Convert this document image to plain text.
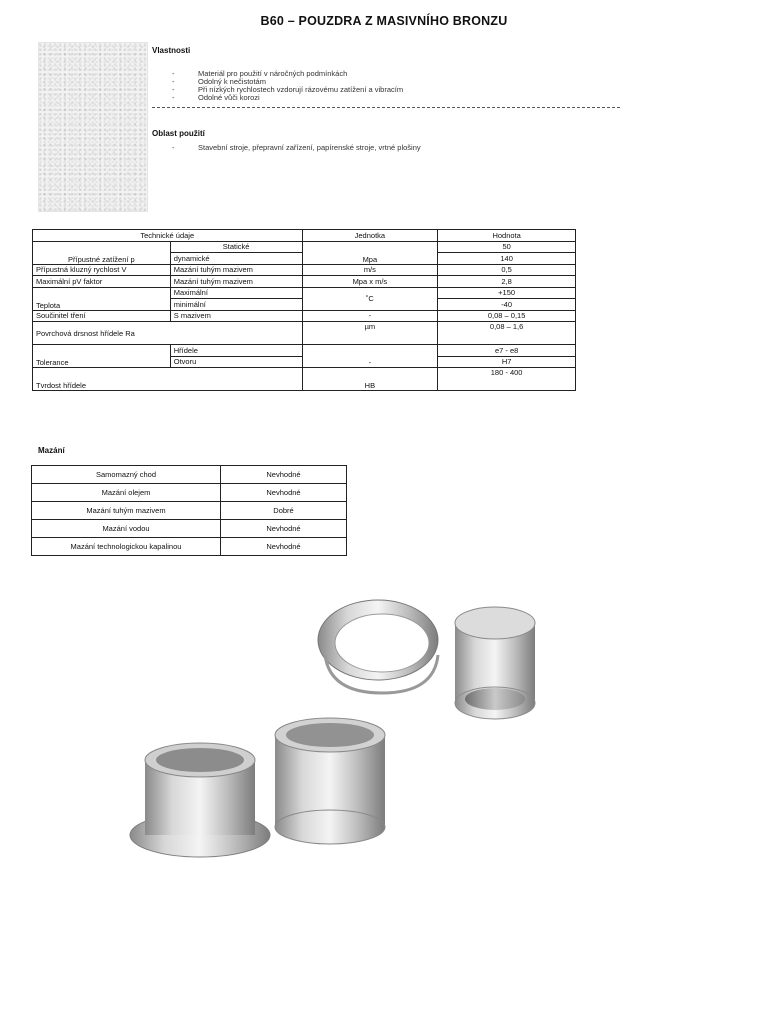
B60 – POUZDRA Z MASIVNÍHO BRONZU
Vlastnosti
- Materiál pro použití v náročných podmínkách
- Odolný k nečistotám
- Při nízkých rychlostech vzdorují rázovému zatížení a vibracím
- Odolné vůči korozi
Oblast použití
- Stavební stroje, přepravní zařízení, papírenské stroje, vrtné plošiny
Technické údaje		Jednotka	Hodnota
Přípustné zatížení p	Statické	Mpa	50
	dynamické		140
Přípustná kluzný rychlost V	Mazání tuhým mazivem	m/s	0,5
Maximální pV faktor	Mazání tuhým mazivem	Mpa x m/s	2,8
Teplota	Maximální	˚C	+150
	minimální		-40
Součinitel tření	S mazivem	-	0,08 – 0,15
Povrchová drsnost hřídele Ra		µm	0,08 – 1,6
Tolerance	Hřídele	-	e7 - e8
	Otvoru		H7
Tvrdost hřídele		HB	180 - 400
Mazání
Samomazný chod	Nevhodné
Mazání olejem	Nevhodné
Mazání tuhým mazivem	Dobré
Mazání vodou	Nevhodné
Mazání technologickou kapalinou	Nevhodné
